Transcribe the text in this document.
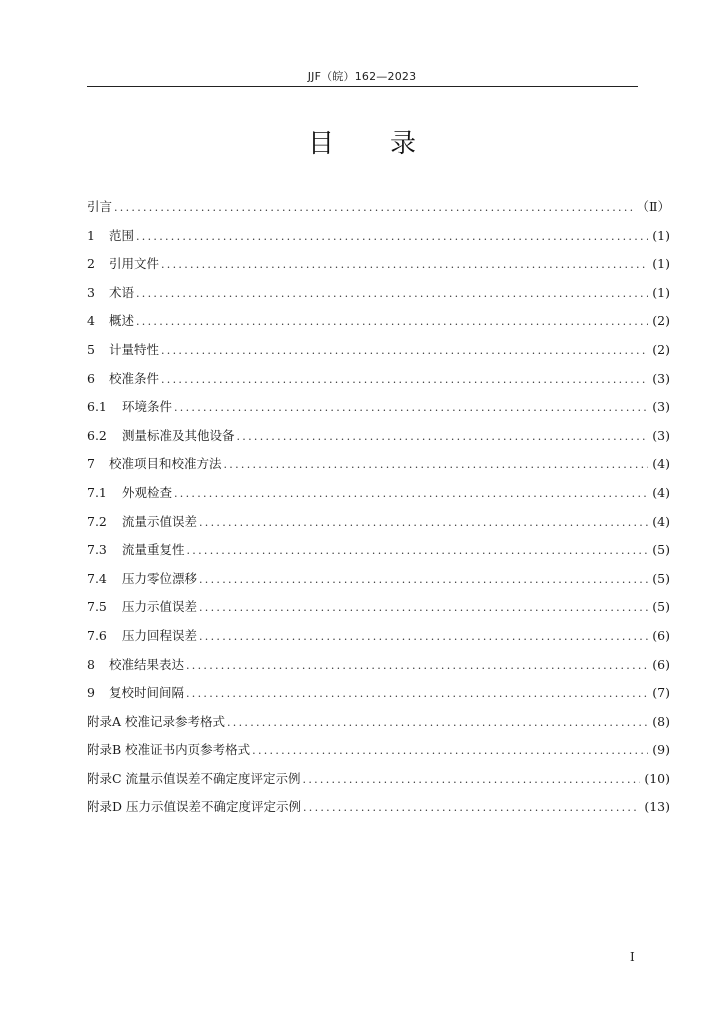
JJF（皖）162—2023
目录
引言 . . .	（Ⅱ）
1	范围 . . .	(1)
2	引用文件 . . .	(1)
3	术语 . . .	(1)
4	概述 . . .	(2)
5	计量特性 . . .	(2)
6	校准条件 . . .	(3)
6.1	环境条件 . . .	(3)
6.2	测量标准及其他设备 . . .	(3)
7	校准项目和校准方法 . . .	(4)
7.1	外观检查 . . .	(4)
7.2	流量示值误差 . . .	(4)
7.3	流量重复性 . . .	(5)
7.4	压力零位漂移 . . .	(5)
7.5	压力示值误差 . . .	(5)
7.6	压力回程误差 . . .	(6)
8	校准结果表达 . . .	(6)
9	复校时间间隔 . . .	(7)
附录A 校准记录参考格式 . . .	(8)
附录B 校准证书内页参考格式 . . .	(9)
附录C 流量示值误差不确定度评定示例 . . .	(10)
附录D 压力示值误差不确定度评定示例 . . .	(13)
I
